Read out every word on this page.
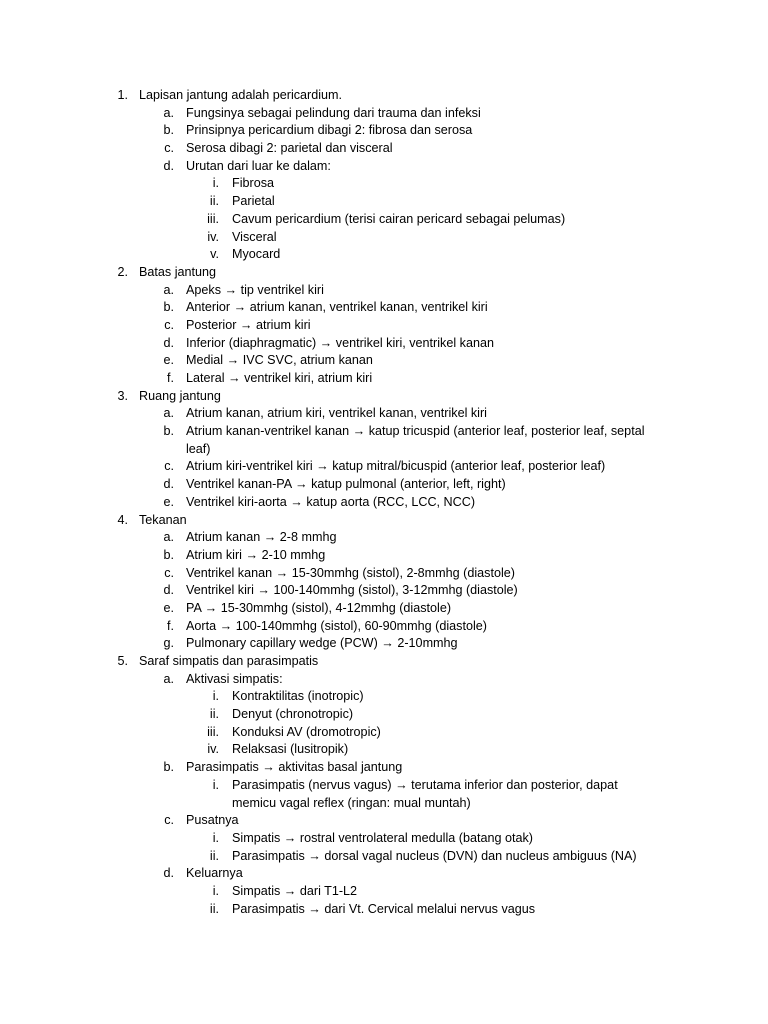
1. Lapisan jantung adalah pericardium.
a. Fungsinya sebagai pelindung dari trauma dan infeksi
b. Prinsipnya pericardium dibagi 2: fibrosa dan serosa
c. Serosa dibagi 2: parietal dan visceral
d. Urutan dari luar ke dalam:
i. Fibrosa
ii. Parietal
iii. Cavum pericardium (terisi cairan pericard sebagai pelumas)
iv. Visceral
v. Myocard
2. Batas jantung
a. Apeks → tip ventrikel kiri
b. Anterior → atrium kanan, ventrikel kanan, ventrikel kiri
c. Posterior → atrium kiri
d. Inferior (diaphragmatic) → ventrikel kiri, ventrikel kanan
e. Medial → IVC SVC, atrium kanan
f. Lateral → ventrikel kiri, atrium kiri
3. Ruang jantung
a. Atrium kanan, atrium kiri, ventrikel kanan, ventrikel kiri
b. Atrium kanan-ventrikel kanan → katup tricuspid (anterior leaf, posterior leaf, septal
leaf)
c. Atrium kiri-ventrikel kiri → katup mitral/bicuspid (anterior leaf, posterior leaf)
d. Ventrikel kanan-PA → katup pulmonal (anterior, left, right)
e. Ventrikel kiri-aorta → katup aorta (RCC, LCC, NCC)
4. Tekanan
a. Atrium kanan → 2-8 mmhg
b. Atrium kiri → 2-10 mmhg
c. Ventrikel kanan → 15-30mmhg (sistol), 2-8mmhg (diastole)
d. Ventrikel kiri → 100-140mmhg (sistol), 3-12mmhg (diastole)
e. PA → 15-30mmhg (sistol), 4-12mmhg (diastole)
f. Aorta → 100-140mmhg (sistol), 60-90mmhg (diastole)
g. Pulmonary capillary wedge (PCW) → 2-10mmhg
5. Saraf simpatis dan parasimpatis
a. Aktivasi simpatis:
i. Kontraktilitas (inotropic)
ii. Denyut (chronotropic)
iii. Konduksi AV (dromotropic)
iv. Relaksasi (lusitropik)
b. Parasimpatis → aktivitas basal jantung
i. Parasimpatis (nervus vagus) → terutama inferior dan posterior, dapat
memicu vagal reflex (ringan: mual muntah)
c. Pusatnya
i. Simpatis → rostral ventrolateral medulla (batang otak)
ii. Parasimpatis → dorsal vagal nucleus (DVN) dan nucleus ambiguus (NA)
d. Keluarnya
i. Simpatis → dari T1-L2
ii. Parasimpatis → dari Vt. Cervical melalui nervus vagus
